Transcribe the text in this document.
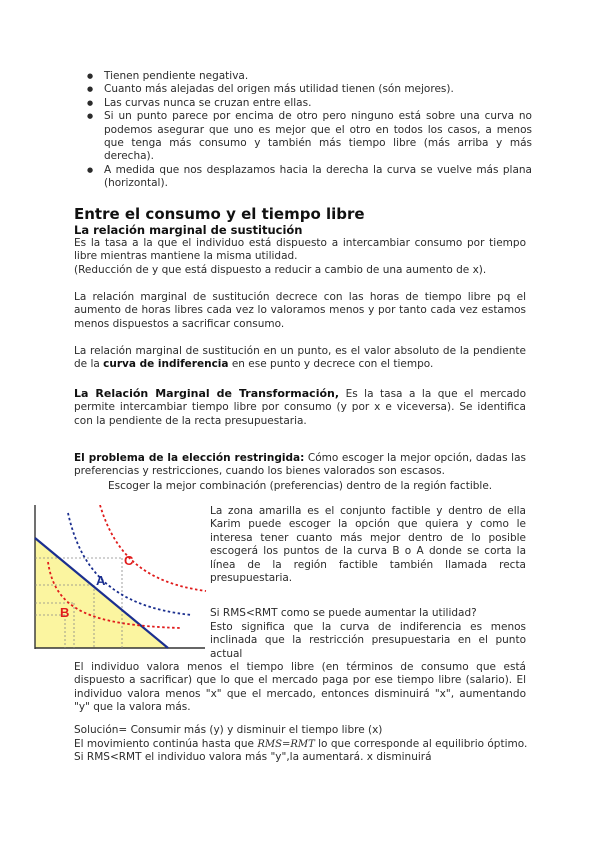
● Tienen pendiente negativa.
● Cuanto más alejadas del origen más utilidad tienen (són mejores).
● Las curvas nunca se cruzan entre ellas.
● Si un punto parece por encima de otro pero ninguno está sobre una curva no podemos asegurar que uno es mejor que el otro en todos los casos, a menos que tenga más consumo y también más tiempo libre (más arriba y más derecha).
● A medida que nos desplazamos hacia la derecha la curva se vuelve más plana (horizontal).
Entre el consumo y el tiempo libre
La relación marginal de sustitución

Es la tasa a la que el individuo está dispuesto a intercambiar consumo por tiempo libre mientras mantiene la misma utilidad.

(Reducción de y que está dispuesto a reducir a cambio de una aumento de x).

La relación marginal de sustitución decrece con las horas de tiempo libre pq el aumento de horas libres cada vez lo valoramos menos y por tanto cada vez estamos menos dispuestos a sacrificar consumo.

La relación marginal de sustitución en un punto, es el valor absoluto de la pendiente de la curva de indiferencia en ese punto y decrece con el tiempo.

La Relación Marginal de Transformación, Es la tasa a la que el mercado permite intercambiar tiempo libre por consumo (y por x e viceversa). Se identifica con la pendiente de la recta presupuestaria.

El problema de la elección restringida: Cómo escoger la mejor opción, dadas las preferencias y restricciones, cuando los bienes valorados son escasos.

Escoger la mejor combinación (preferencias) dentro de la región factible.

A
B
C

La zona amarilla es el conjunto factible y dentro de ella Karim puede escoger la opción que quiera y como le interesa tener cuanto más mejor dentro de lo posible escogerá los puntos de la curva B o A donde se corta la línea de la región factible también llamada recta presupuestaria.

Si RMS<RMT como se puede aumentar la utilidad?

Esto significa que la curva de indiferencia es menos inclinada que la restricción presupuestaria en el punto actual

El individuo valora menos el tiempo libre (en términos de consumo que está dispuesto a sacrificar) que lo que el mercado paga por ese tiempo libre (salario). El individuo valora menos "x" que el mercado, entonces disminuirá "x", aumentando "y" que la valora más.

Solución= Consumir más (y) y disminuir el tiempo libre (x)

El movimiento continúa hasta que RMS=RMT lo que corresponde al equilibrio óptimo.

Si RMS<RMT el individuo valora más "y",la aumentará. x disminuirá
